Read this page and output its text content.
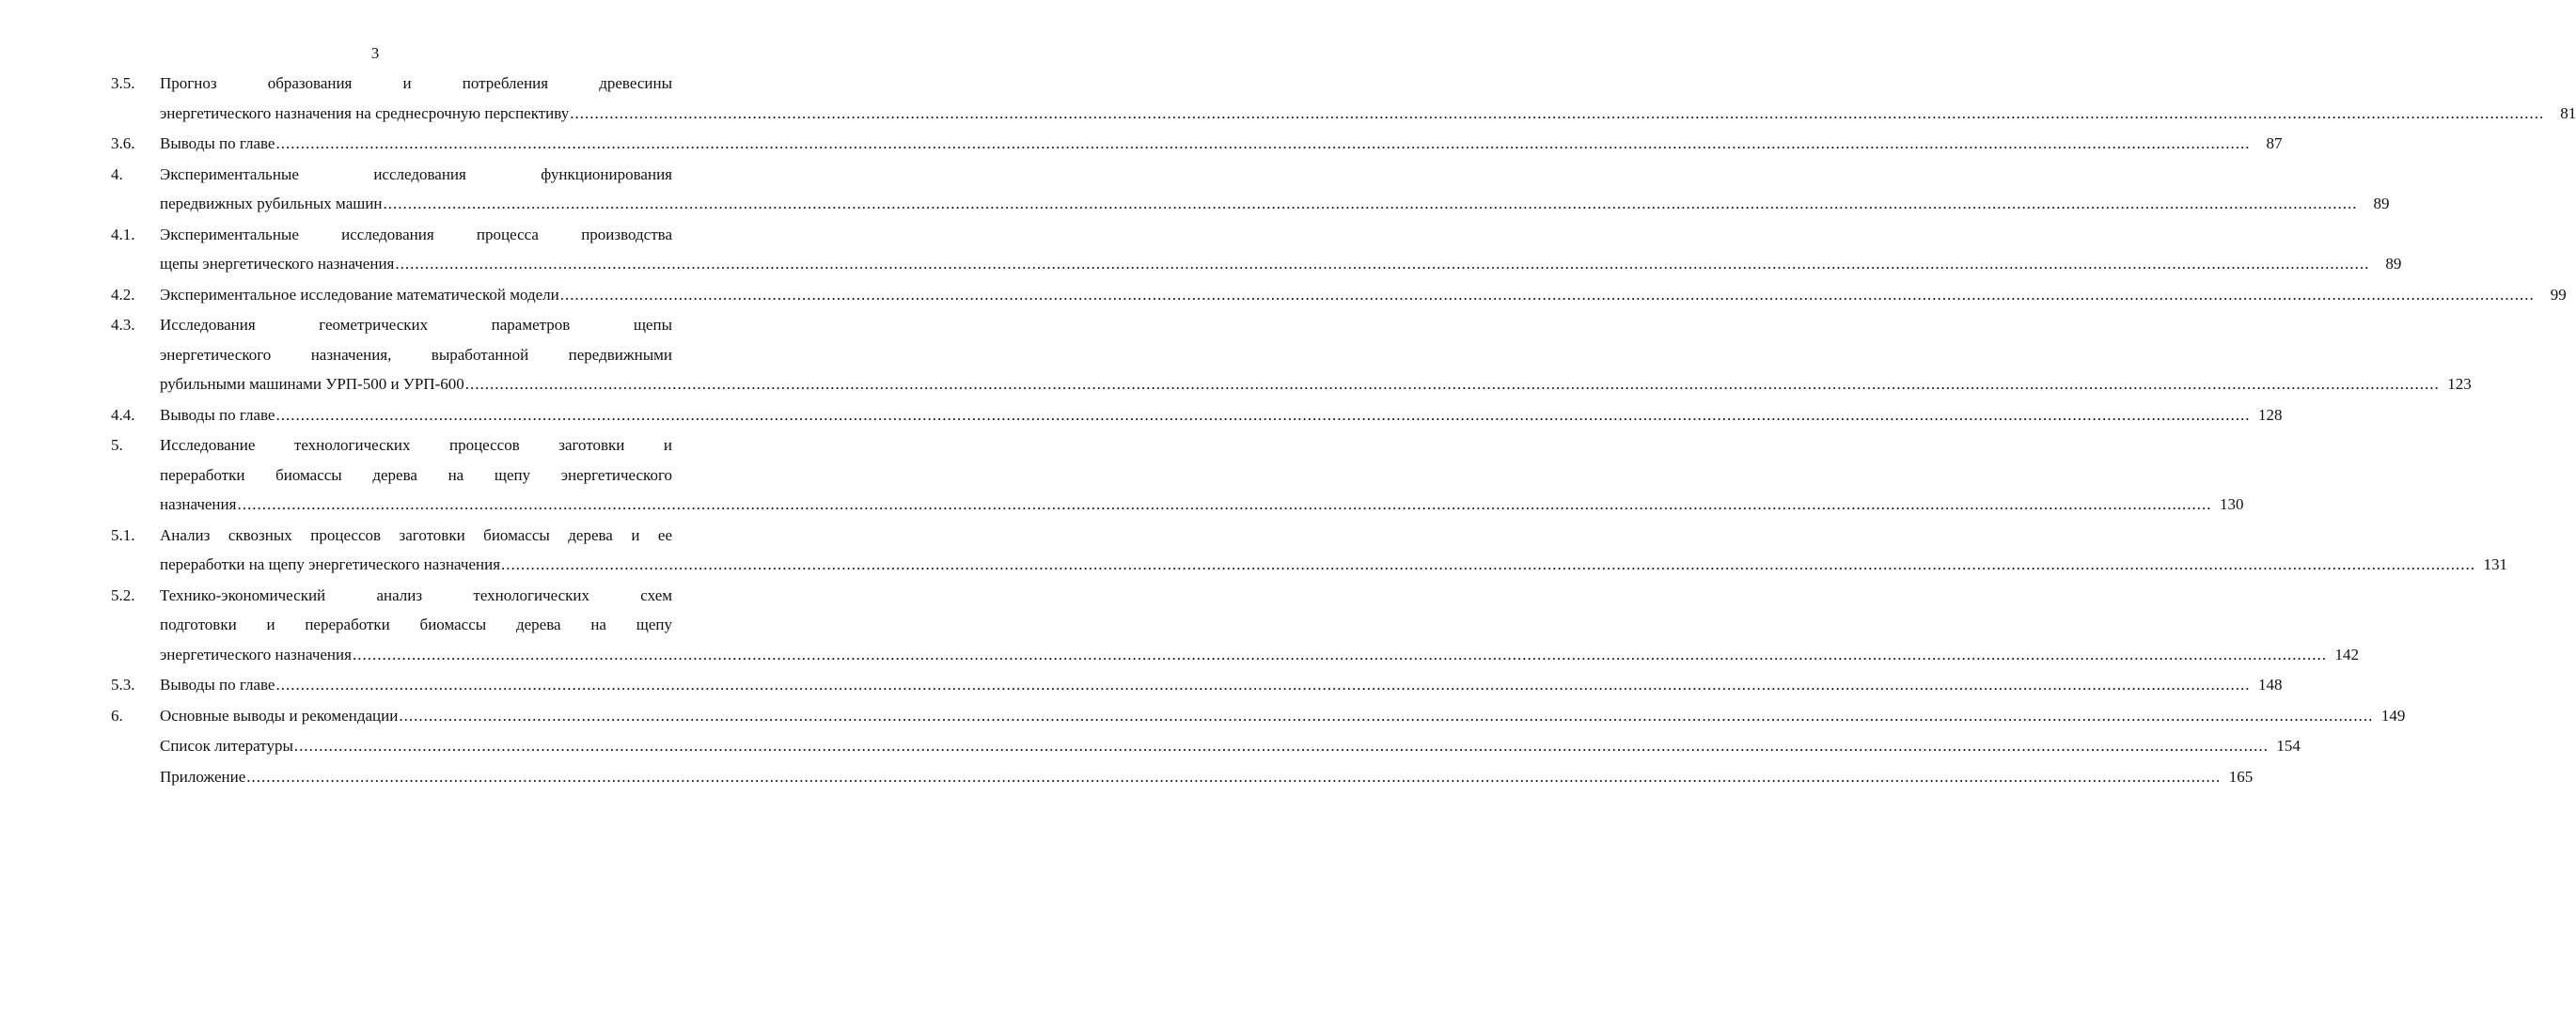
3
3.5.	Прогноз образования и потребления древесины
энергетического назначения на среднесрочную перспективу ................................................................................................................................................................................................................................................................................................................................................................................................................	81
3.6.	Выводы по главе ................................................................................................................................................................................................................................................................................................................................................................................................................	87
4.	Экспериментальные исследования функционирования
передвижных рубильных машин ................................................................................................................................................................................................................................................................................................................................................................................................................	89
4.1.	Экспериментальные исследования процесса производства
щепы энергетического назначения ................................................................................................................................................................................................................................................................................................................................................................................................................	89
4.2.	Экспериментальное исследование математической модели ................................................................................................................................................................................................................................................................................................................................................................................................................	99
4.3.	Исследования геометрических параметров щепы
энергетического назначения, выработанной передвижными
рубильными машинами УРП-500 и УРП-600 ................................................................................................................................................................................................................................................................................................................................................................................................................ 123
4.4.	Выводы по главе ................................................................................................................................................................................................................................................................................................................................................................................................................ 128
5.	Исследование технологических процессов заготовки и
переработки биомассы дерева на щепу энергетического
назначения ................................................................................................................................................................................................................................................................................................................................................................................................................ 130
5.1.	Анализ сквозных процессов заготовки биомассы дерева и ее
переработки на щепу энергетического назначения ................................................................................................................................................................................................................................................................................................................................................................................................................ 131
5.2.	Технико-экономический анализ технологических схем
подготовки и переработки биомассы дерева на щепу
энергетического назначения ................................................................................................................................................................................................................................................................................................................................................................................................................ 142
5.3.	Выводы по главе ................................................................................................................................................................................................................................................................................................................................................................................................................ 148
6.	Основные выводы и рекомендации ................................................................................................................................................................................................................................................................................................................................................................................................................ 149
Список литературы ................................................................................................................................................................................................................................................................................................................................................................................................................ 154
Приложение ................................................................................................................................................................................................................................................................................................................................................................................................................ 165
